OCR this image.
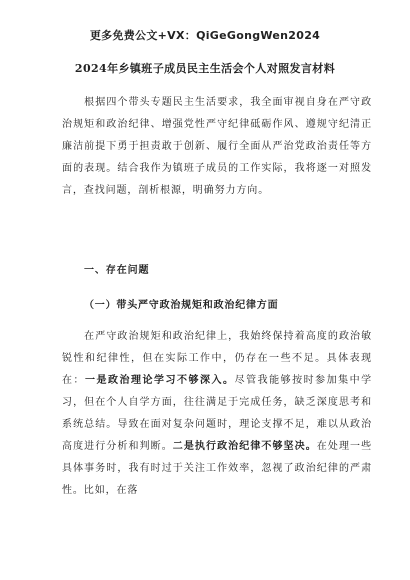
更多免费公文+VX：QiGeGongWen2024
2024年乡镇班子成员民主生活会个人对照发言材料
根据四个带头专题民主生活要求，我全面审视自身在严守政治规矩和政治纪律、增强党性严守纪律砥砺作风、遵规守纪清正廉洁前提下勇于担责敢于创新、履行全面从严治党政治责任等方面的表现。结合我作为镇班子成员的工作实际，我将逐一对照发言，查找问题，剖析根源，明确努力方向。
一、存在问题
（一）带头严守政治规矩和政治纪律方面
在严守政治规矩和政治纪律上，我始终保持着高度的政治敏锐性和纪律性，但在实际工作中，仍存在一些不足。具体表现在：一是政治理论学习不够深入。尽管我能够按时参加集中学习，但在个人自学方面，往往满足于完成任务，缺乏深度思考和系统总结。导致在面对复杂问题时，理论支撑不足，难以从政治高度进行分析和判断。二是执行政治纪律不够坚决。在处理一些具体事务时，我有时过于关注工作效率，忽视了政治纪律的严肃性。比如，在落
